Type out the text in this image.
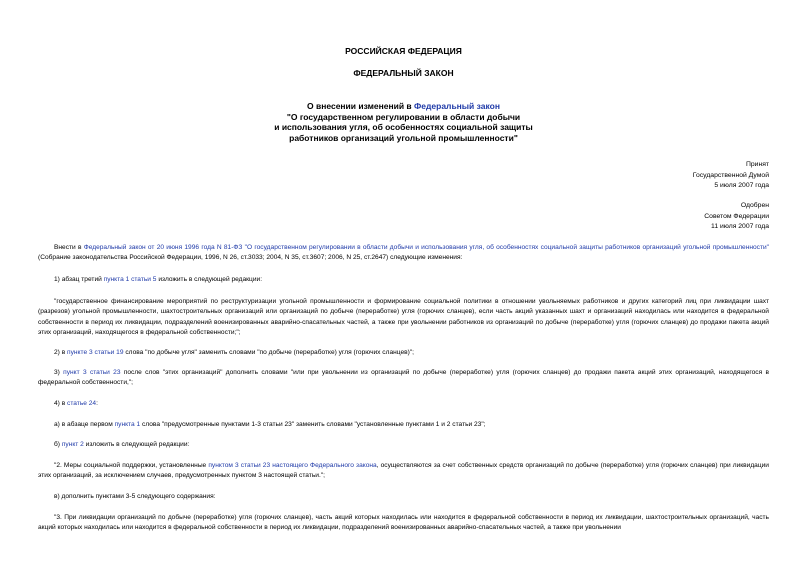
РОССИЙСКАЯ ФЕДЕРАЦИЯ
ФЕДЕРАЛЬНЫЙ ЗАКОН
О внесении изменений в Федеральный закон
"О государственном регулировании в области добычи
и использования угля, об особенностях социальной защиты
работников организаций угольной промышленности"
Принят
Государственной Думой
5 июля 2007 года
Одобрен
Советом Федерации
11 июля 2007 года
Внести в Федеральный закон от 20 июня 1996 года N 81-ФЗ "О государственном регулировании в области добычи и использования угля, об особенностях социальной защиты работников организаций угольной промышленности" (Собрание законодательства Российской Федерации, 1996, N 26, ст.3033; 2004, N 35, ст.3607; 2006, N 25, ст.2647) следующие изменения:
1) абзац третий пункта 1 статьи 5 изложить в следующей редакции:
"государственное финансирование мероприятий по реструктуризации угольной промышленности и формирование социальной политики в отношении увольняемых работников и других категорий лиц при ликвидации шахт (разрезов) угольной промышленности, шахтостроительных организаций или организаций по добыче (переработке) угля (горючих сланцев), если часть акций указанных шахт и организаций находилась или находится в федеральной собственности в период их ликвидации, подразделений военизированных аварийно-спасательных частей, а также при увольнении работников из организаций по добыче (переработке) угля (горючих сланцев) до продажи пакета акций этих организаций, находящегося в федеральной собственности;";
2) в пункте 3 статьи 19 слова "по добыче угля" заменить словами "по добыче (переработке) угля (горючих сланцев)";
3) пункт 3 статьи 23 после слов "этих организаций" дополнить словами "или при увольнении из организаций по добыче (переработке) угля (горючих сланцев) до продажи пакета акций этих организаций, находящегося в федеральной собственности,";
4) в статье 24:
а) в абзаце первом пункта 1 слова "предусмотренные пунктами 1-3 статьи 23" заменить словами "установленные пунктами 1 и 2 статьи 23";
б) пункт 2 изложить в следующей редакции:
"2. Меры социальной поддержки, установленные пунктом 3 статьи 23 настоящего Федерального закона, осуществляются за счет собственных средств организаций по добыче (переработке) угля (горючих сланцев) при ликвидации этих организаций, за исключением случаев, предусмотренных пунктом 3 настоящей статьи.";
в) дополнить пунктами 3-5 следующего содержания:
"3. При ликвидации организаций по добыче (переработке) угля (горючих сланцев), часть акций которых находилась или находится в федеральной собственности в период их ликвидации, шахтостроительных организаций, часть акций которых находилась или находится в федеральной собственности в период их ликвидации, подразделений военизированных аварийно-спасательных частей, а также при увольнении
